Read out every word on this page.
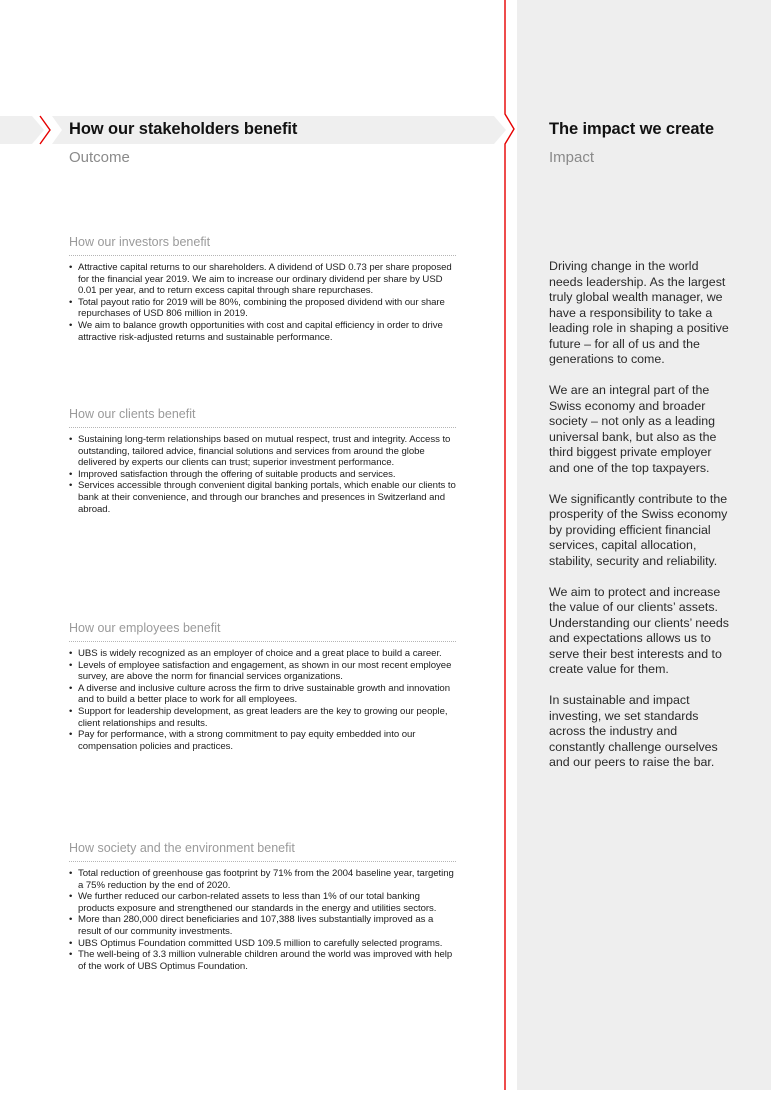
How our stakeholders benefit
Outcome
The impact we create
Impact
How our investors benefit
• Attractive capital returns to our shareholders. A dividend of USD 0.73 per share proposed for the financial year 2019. We aim to increase our ordinary dividend per share by USD 0.01 per year, and to return excess capital through share repurchases.
• Total payout ratio for 2019 will be 80%, combining the proposed dividend with our share repurchases of USD 806 million in 2019.
• We aim to balance growth opportunities with cost and capital efficiency in order to drive attractive risk-adjusted returns and sustainable performance.
How our clients benefit
• Sustaining long-term relationships based on mutual respect, trust and integrity. Access to outstanding, tailored advice, financial solutions and services from around the globe delivered by experts our clients can trust; superior investment performance.
• Improved satisfaction through the offering of suitable products and services.
• Services accessible through convenient digital banking portals, which enable our clients to bank at their convenience, and through our branches and presences in Switzerland and abroad.
How our employees benefit
• UBS is widely recognized as an employer of choice and a great place to build a career.
• Levels of employee satisfaction and engagement, as shown in our most recent employee survey, are above the norm for financial services organizations.
• A diverse and inclusive culture across the firm to drive sustainable growth and innovation and to build a better place to work for all employees.
• Support for leadership development, as great leaders are the key to growing our people, client relationships and results.
• Pay for performance, with a strong commitment to pay equity embedded into our compensation policies and practices.
How society and the environment benefit
• Total reduction of greenhouse gas footprint by 71% from the 2004 baseline year, targeting a 75% reduction by the end of 2020.
• We further reduced our carbon-related assets to less than 1% of our total banking products exposure and strengthened our standards in the energy and utilities sectors.
• More than 280,000 direct beneficiaries and 107,388 lives substantially improved as a result of our community investments.
• UBS Optimus Foundation committed USD 109.5 million to carefully selected programs.
• The well-being of 3.3 million vulnerable children around the world was improved with help of the work of UBS Optimus Foundation.

Driving change in the world needs leadership. As the largest truly global wealth manager, we have a responsibility to take a leading role in shaping a positive future – for all of us and the generations to come.

We are an integral part of the Swiss economy and broader society – not only as a leading universal bank, but also as the third biggest private employer and one of the top taxpayers.

We significantly contribute to the prosperity of the Swiss economy by providing efficient financial services, capital allocation, stability, security and reliability.

We aim to protect and increase the value of our clients’ assets. Understanding our clients’ needs and expectations allows us to serve their best interests and to create value for them.

In sustainable and impact investing, we set standards across the industry and constantly challenge ourselves and our peers to raise the bar.
